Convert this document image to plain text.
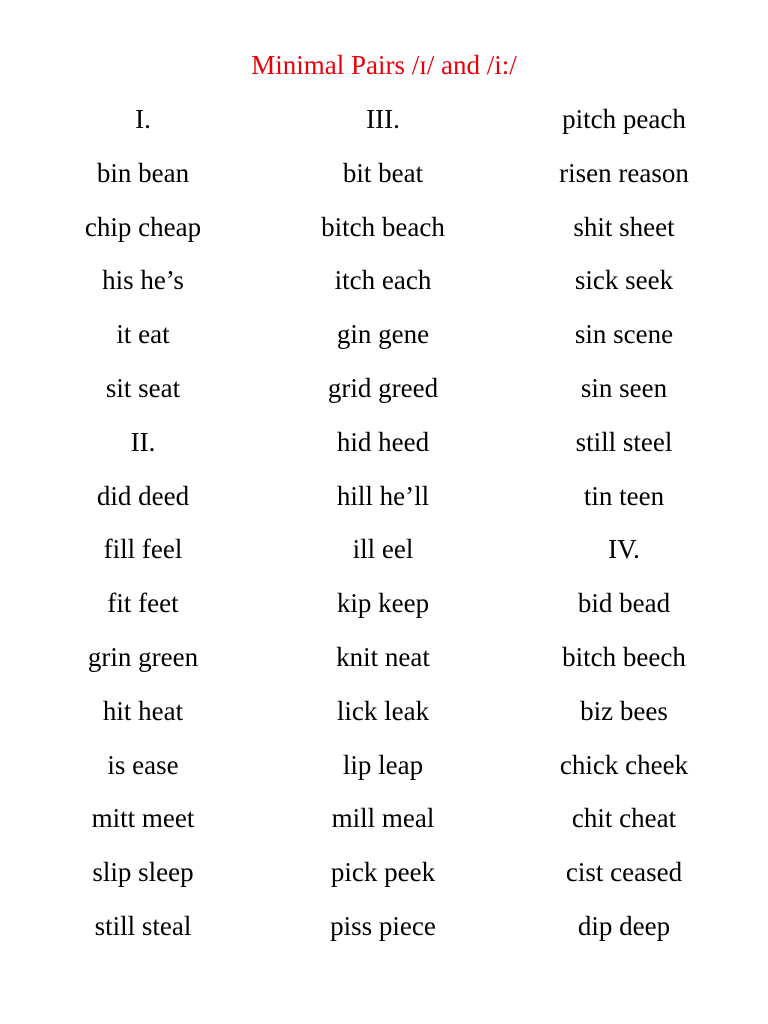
Minimal Pairs /ɪ/ and /i:/
I.
bin bean
chip cheap
his he’s
it eat
sit seat
II.
did deed
fill feel
fit feet
grin green
hit heat
is ease
mitt meet
slip sleep
still steal
III.
bit beat
bitch beach
itch each
gin gene
grid greed
hid heed
hill he’ll
ill eel
kip keep
knit neat
lick leak
lip leap
mill meal
pick peek
piss piece
pitch peach
risen reason
shit sheet
sick seek
sin scene
sin seen
still steel
tin teen
IV.
bid bead
bitch beech
biz bees
chick cheek
chit cheat
cist ceased
dip deep
